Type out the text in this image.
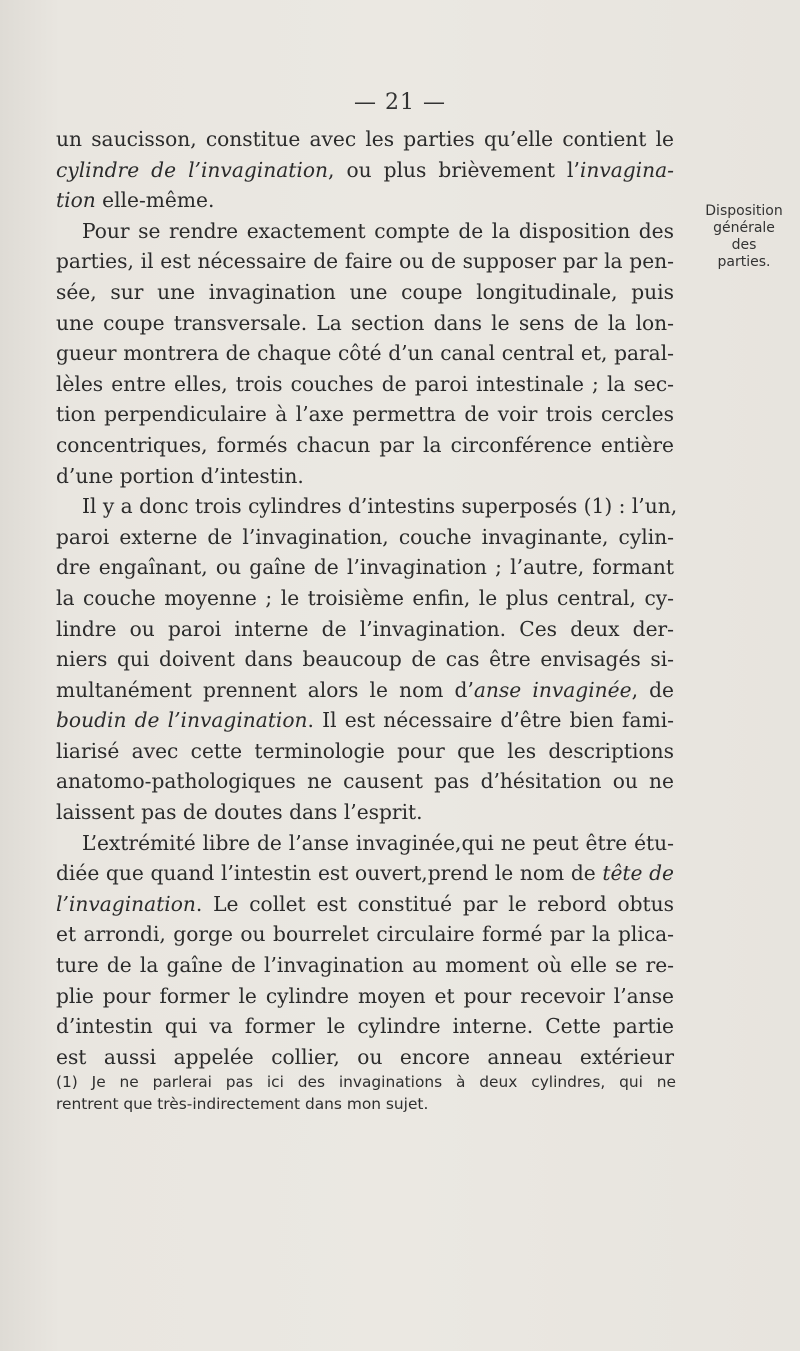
— 21 —
un saucisson, constitue avec les parties qu’elle contient le
cylindre de l’invagination, ou plus brièvement l’invagina-
tion elle-même.
Pour se rendre exactement compte de la disposition des
parties, il est nécessaire de faire ou de supposer par la pen-
sée, sur une invagination une coupe longitudinale, puis
une coupe transversale. La section dans le sens de la lon-
gueur montrera de chaque côté d’un canal central et, paral-
lèles entre elles, trois couches de paroi intestinale ; la sec-
tion perpendiculaire à l’axe permettra de voir trois cercles
concentriques, formés chacun par la circonférence entière
d’une portion d’intestin.
Il y a donc trois cylindres d’intestins superposés (1) : l’un,
paroi externe de l’invagination, couche invaginante, cylin-
dre engaînant, ou gaîne de l’invagination ; l’autre, formant
la couche moyenne ; le troisième enfin, le plus central, cy-
lindre ou paroi interne de l’invagination. Ces deux der-
niers qui doivent dans beaucoup de cas être envisagés si-
multanément prennent alors le nom d’anse invaginée, de
boudin de l’invagination. Il est nécessaire d’être bien fami-
liarisé avec cette terminologie pour que les descriptions
anatomo-pathologiques ne causent pas d’hésitation ou ne
laissent pas de doutes dans l’esprit.
L’extrémité libre de l’anse invaginée,qui ne peut être étu-
diée que quand l’intestin est ouvert,prend le nom de tête de
l’invagination. Le collet est constitué par le rebord obtus
et arrondi, gorge ou bourrelet circulaire formé par la plica-
ture de la gaîne de l’invagination au moment où elle se re-
plie pour former le cylindre moyen et pour recevoir l’anse
d’intestin qui va former le cylindre interne. Cette partie
est aussi appelée collier, ou encore anneau extérieur
Disposition
générale
des
parties.
(1) Je ne parlerai pas ici des invaginations à deux cylindres, qui ne
rentrent que très-indirectement dans mon sujet.
